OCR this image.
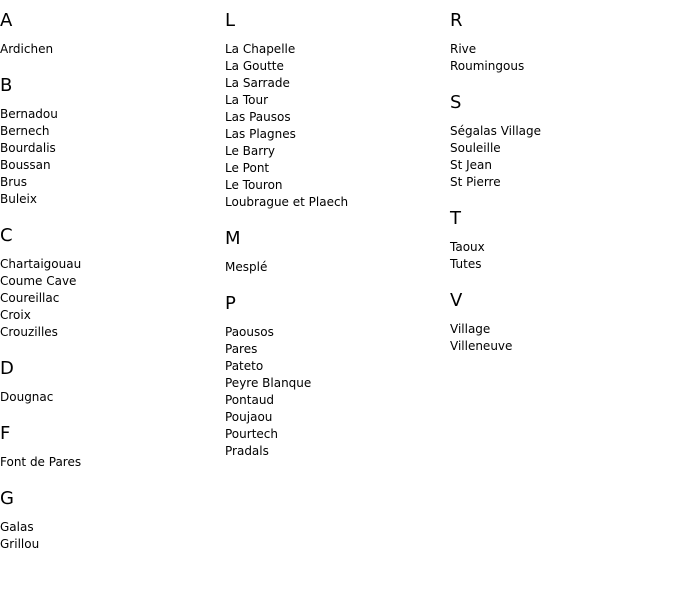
A
Ardichen
B
Bernadou
Bernech
Bourdalis
Boussan
Brus
Buleix
C
Chartaigouau
Coume Cave
Coureillac
Croix
Crouzilles
D
Dougnac
F
Font de Pares
G
Galas
Grillou
L
La Chapelle
La Goutte
La Sarrade
La Tour
Las Pausos
Las Plagnes
Le Barry
Le Pont
Le Touron
Loubrague et Plaech
M
Mesplé
P
Paousos
Pares
Pateto
Peyre Blanque
Pontaud
Poujaou
Pourtech
Pradals
R
Rive
Roumingous
S
Ségalas Village
Souleille
St Jean
St Pierre
T
Taoux
Tutes
V
Village
Villeneuve
